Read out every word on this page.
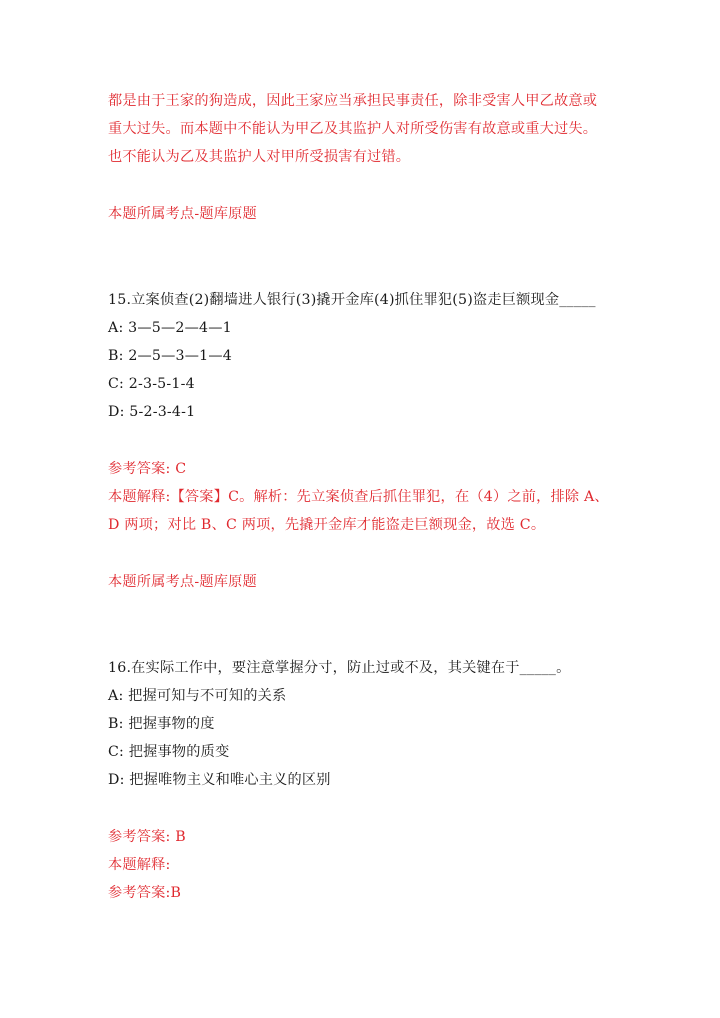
都是由于王家的狗造成，因此王家应当承担民事责任，除非受害人甲乙故意或
重大过失。而本题中不能认为甲乙及其监护人对所受伤害有故意或重大过失。
也不能认为乙及其监护人对甲所受损害有过错。
本题所属考点-题库原题
15.立案侦查(2)翻墙进人银行(3)撬开金库(4)抓住罪犯(5)盗走巨额现金_____
A: 3—5—2—4—1
B: 2—5—3—1—4
C: 2-3-5-1-4
D: 5-2-3-4-1
参考答案: C
本题解释:【答案】C。解析：先立案侦查后抓住罪犯，在（4）之前，排除 A、
D 两项；对比 B、C 两项，先撬开金库才能盗走巨额现金，故选 C。
本题所属考点-题库原题
16.在实际工作中，要注意掌握分寸，防止过或不及，其关键在于_____。
A: 把握可知与不可知的关系
B: 把握事物的度
C: 把握事物的质变
D: 把握唯物主义和唯心主义的区别
参考答案: B
本题解释:
参考答案:B
